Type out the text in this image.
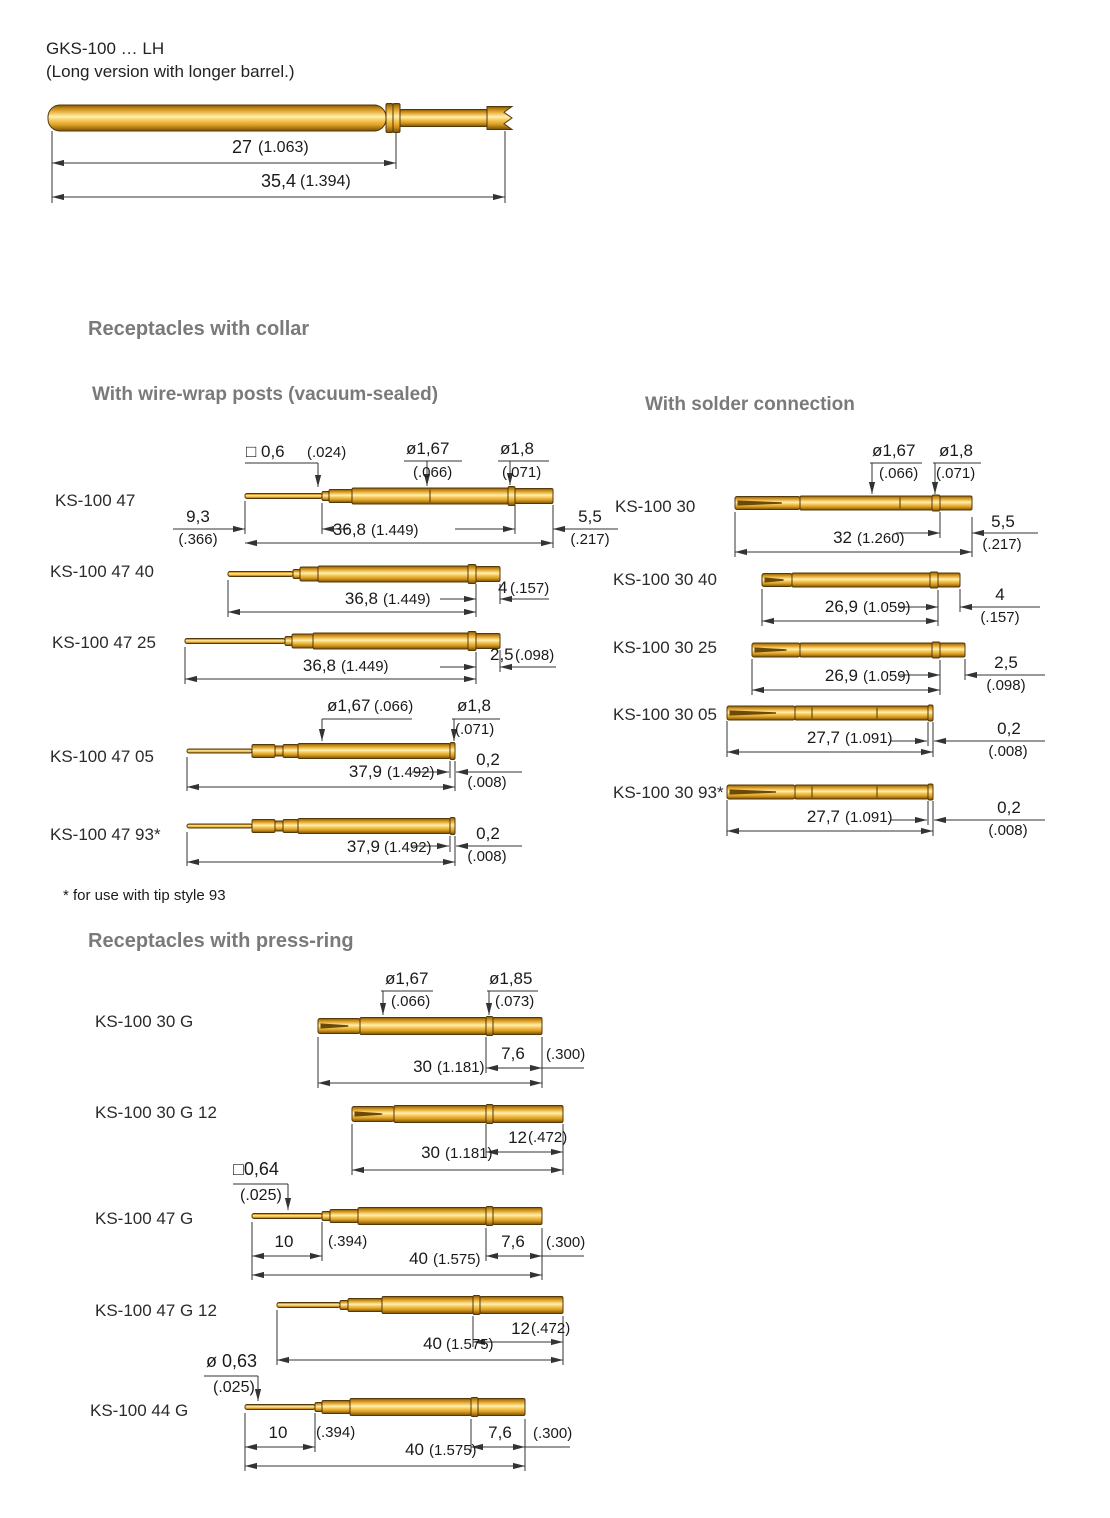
GKS-100 … LH
(Long version with longer barrel.)
Receptacles with collar
With wire-wrap posts (vacuum-sealed)	With solder connection
Receptacles with press-ring
* for use with tip style 93
KS-100 47
KS-100 47 40
KS-100 47 25
KS-100 47 05
KS-100 47 93*
KS-100 30
KS-100 30 40
KS-100 30 25
KS-100 30 05
KS-100 30 93*
KS-100 30 G
KS-100 30 G 12
KS-100 47 G
KS-100 47 G 12
KS-100 44 G
27 (1.063)
35,4 (1.394)
□ 0,6 (.024)	ø1,67
(.066)
ø1,8
(.071)
9,3
(.366)
36,8 (1.449)
5,5
(.217)
36,8 (1.449)
4 (.157)
36,8 (1.449)
2,5 (.098)
ø1,67 (.066)	ø1,8
(.071)
37,9 (1.492)
0,2
(.008)
37,9 (1.492)
0,2
(.008)
ø1,67
(.066)
ø1,8
(.071)
32 (1.260)
5,5
(.217)
26,9 (1.059)
4
(.157)
26,9 (1.059)
2,5
(.098)
27,7 (1.091)
0,2
(.008)
27,7 (1.091)
0,2
(.008)
ø1,67
(.066)
ø1,85
(.073)
□0,64
(.025)
ø 0,63
(.025)
30 (1.181)
7,6 (.300)
30 (1.181)
12 (.472)
10 (.394)
40 (1.575)
7,6 (.300)
40 (1.575)
12 (.472)
10 (.394)
40 (1.575)
7,6 (.300)
